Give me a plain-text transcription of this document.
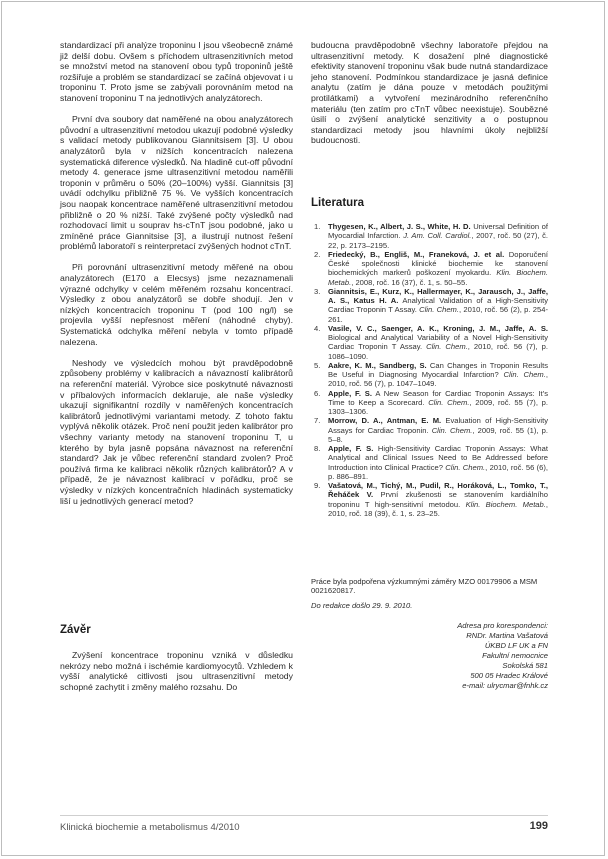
standardizací při analýze troponinu I jsou všeobecně známé již delší dobu. Ovšem s příchodem ultrasenzitivních metod se množství metod na stanovení obou typů troponinů ještě rozšiřuje a problém se standardizací se začíná objevovat i u troponinu T. Proto jsme se zabývali porovnáním metod na stanovení troponinu T na jednotlivých analyzátorech.

První dva soubory dat naměřené na obou analyzátorech původní a ultrasenzitivní metodou ukazují podobné výsledky s validací metody publikovanou Giannitsisem [3]. U obou analyzátorů byla v nižších koncentracích nalezena systematická diference výsledků. Na hladině cut-off původní metody 4. generace jsme ultrasenzitivní metodou naměřili troponin v průměru o 50% (20–100%) vyšší. Giannitsis [3] uvádí odchylku přibližně 75 %. Ve vyšších koncentracích jsou naopak koncentrace naměřené ultrasenzitivní metodou přibližně o 20 % nižší. Také zvýšené počty výsledků nad rozhodovací limit u souprav hs-cTnT jsou podobné, jako u zmíněné práce Giannitsise [3], a ilustrují nutnost řešení problémů laboratoří s reinterpretací zvýšených hodnot cTnT.

Při porovnání ultrasenzitivní metody měřené na obou analyzátorech (E170 a Elecsys) jsme nezaznamenali výrazné odchylky v celém měřeném rozsahu koncentrací. Výsledky z obou analyzátorů se dobře shodují. Jen v nízkých koncentracích troponinu T (pod 100 ng/l) se projevila vyšší nepřesnost měření (náhodné chyby). Systematická odchylka měření nebyla v tomto případě nalezena.

Neshody ve výsledcích mohou být pravděpodobně způsobeny problémy v kalibracích a návazností kalibrátorů na referenční materiál. Výrobce sice poskytnuté návaznosti v příbalových informacích deklaruje, ale naše výsledky ukazují signifikantní rozdíly v naměřených koncentracích kalibrátorů jednotlivými variantami metody. Z tohoto faktu vyplývá několik otázek. Proč není použit jeden kalibrátor pro všechny varianty metody na stanovení troponinu T, u kterého by byla jasně popsána návaznost na referenční standard? Jak je vůbec referenční standard zvolen? Proč používá firma ke kalibraci několik různých kalibrátorů? A v případě, že je návaznost kalibrací v pořádku, proč se výsledky v nízkých koncentračních hladinách systematicky liší u jednotlivých generací metod?

Závěr

Zvýšení koncentrace troponinu vzniká v důsledku nekrózy nebo možná i ischémie kardiomyocytů. Vzhledem k vyšší analytické citlivosti jsou ultrasenzitivní metody schopné zachytit i změny malého rozsahu. Do

budoucna pravděpodobně všechny laboratoře přejdou na ultrasenzitivní metody. K dosažení plné diagnostické efektivity stanovení troponinu však bude nutná standardizace jeho stanovení. Podmínkou standardizace je jasná definice analytu (zatím je dána pouze v metodách použitými protilátkami) a vytvoření mezinárodního referenčního materiálu (ten zatím pro cTnT vůbec neexistuje). Soubězné úsilí o zvýšení analytické senzitivity a o postupnou standardizaci metody jsou hlavními úkoly nejbližší budoucnosti.

Literatura
1. Thygesen, K., Albert, J. S., White, H. D. Universal Definition of Myocardial Infarction. J. Am. Coll. Cardiol., 2007, roč. 50 (27), č. 22, p. 2173–2195.
2. Friedecký, B., Engliš, M., Franeková, J. et al. Doporučení České společnosti klinické biochemie ke stanovení biochemických markerů poškození myokardu. Klin. Biochem. Metab., 2008, roč. 16 (37), č. 1, s. 50–55.
3. Giannitsis, E., Kurz, K., Hallermayer, K., Jarausch, J., Jaffe, A. S., Katus H. A. Analytical Validation of a High-Sensitivity Cardiac Troponin T Assay. Clin. Chem., 2010, roč. 56 (2), p. 254-261.
4. Vasile, V. C., Saenger, A. K., Kroning, J. M., Jaffe, A. S. Biological and Analytical Variability of a Novel High-Sensitivity Cardiac Troponin T Assay. Clin. Chem., 2010, roč. 56 (7), p. 1086–1090.
5. Aakre, K. M., Sandberg, S. Can Changes in Troponin Results Be Useful in Diagnosing Myocardial Infarction? Clin. Chem., 2010, roč. 56 (7), p. 1047–1049.
6. Apple, F. S. A New Season for Cardiac Troponin Assays: It’s Time to Keep a Scorecard. Clin. Chem., 2009, roč. 55 (7), p. 1303–1306.
7. Morrow, D. A., Antman, E. M. Evaluation of High-Sensitivity Assays for Cardiac Troponin. Clin. Chem., 2009, roč. 55 (1), p. 5–8.
8. Apple, F. S. High-Sensitivity Cardiac Troponin Assays: What Analytical and Clinical Issues Need to Be Addressed before Introduction into Clinical Practice? Clin. Chem., 2010, roč. 56 (6), p. 886–891.
9. Vašatová, M., Tichý, M., Pudil, R., Horáková, L., Tomko, T., Řeháček V. První zkušenosti se stanovením kardiálního troponinu T high-sensitivní metodou. Klin. Biochem. Metab., 2010, roč. 18 (39), č. 1, s. 23–25.
Práce byla podpořena výzkumnými záměry MZO 00179906 a MSM 0021620817.
Do redakce došlo 29. 9. 2010.
Adresa pro korespondenci:
RNDr. Martina Vašatová
ÚKBD LF UK a FN
Fakultní nemocnice
Sokolská 581
500 05 Hradec Králové
e-mail: ulrycmar@fnhk.cz
Klinická biochemie a metabolismus 4/2010	199
